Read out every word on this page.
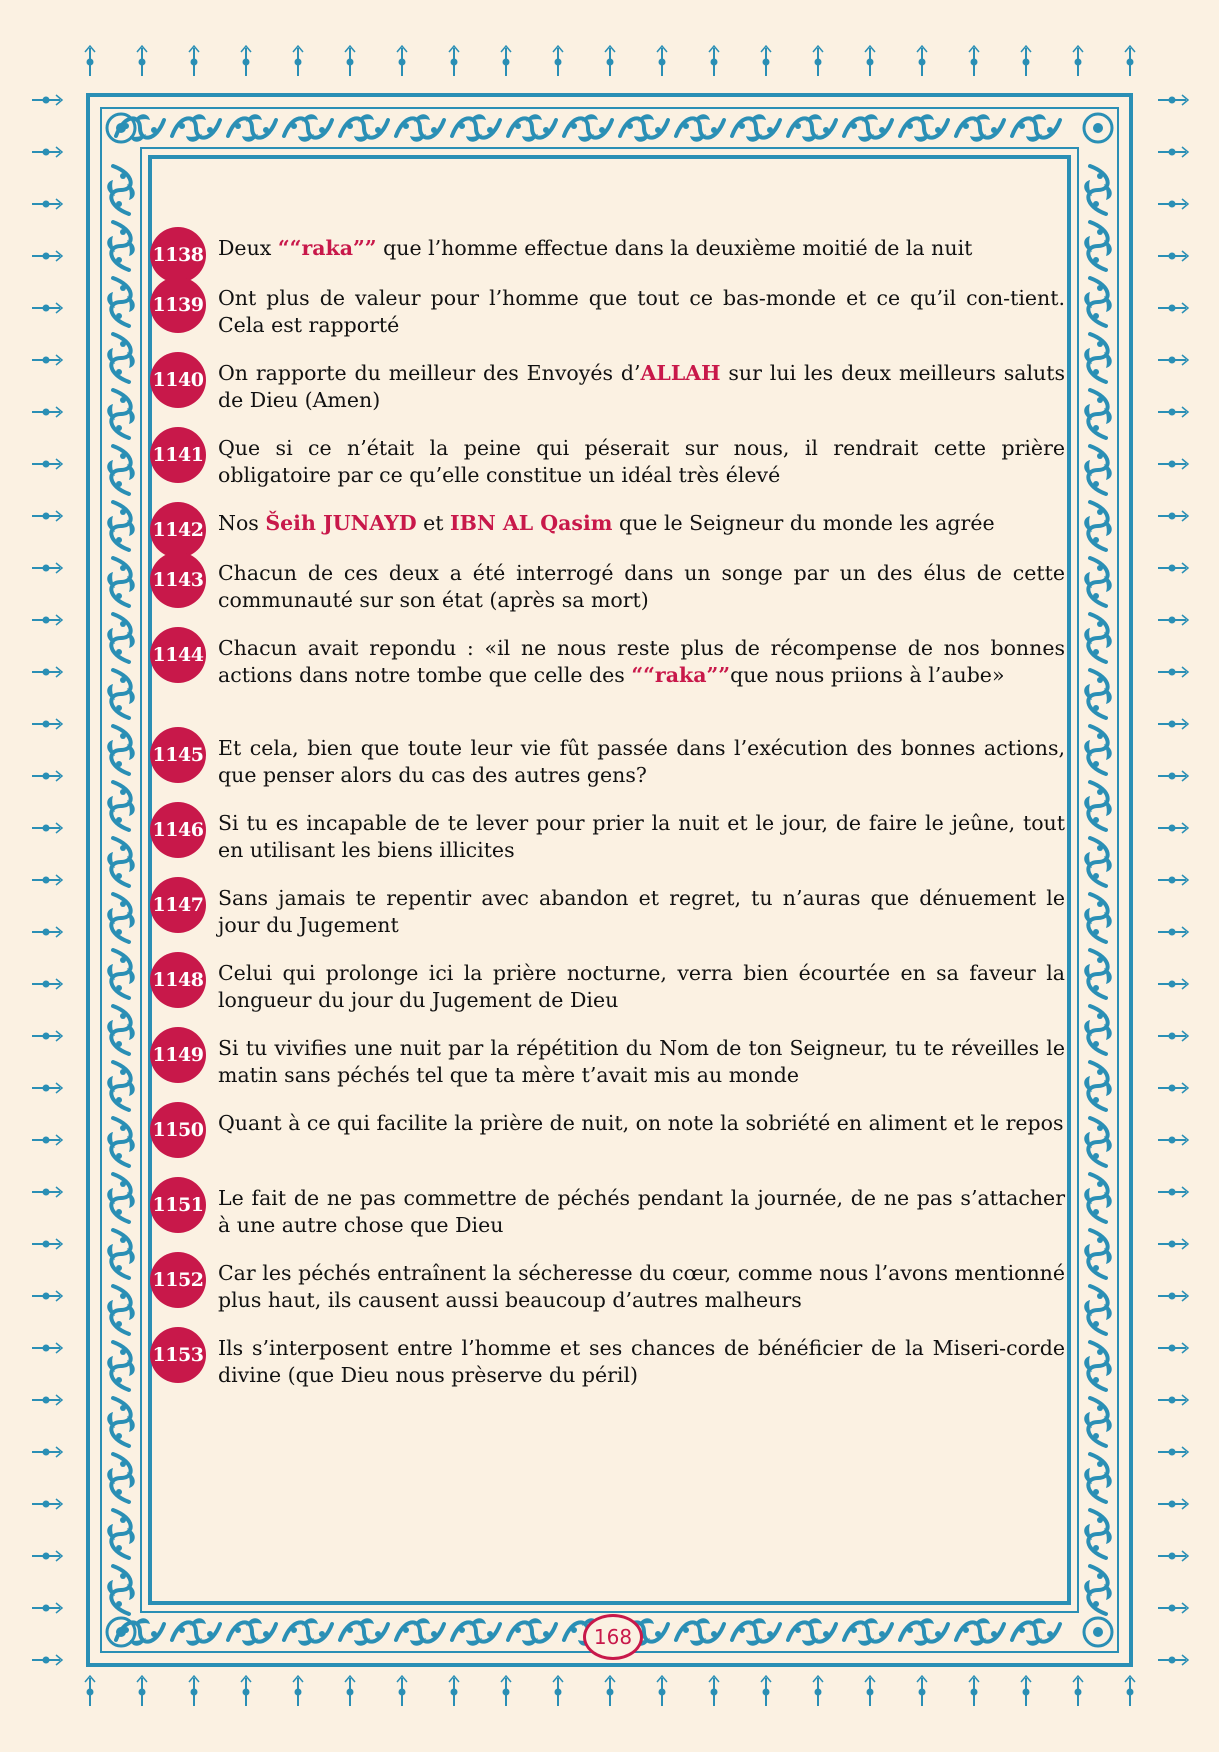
1138 Deux ““raka”” que l’homme effectue dans la deuxième moitié de la nuit
1139 Ont plus de valeur pour l’homme que tout ce bas-monde et ce qu’il con-tient. Cela est rapporté
1140 On rapporte du meilleur des Envoyés d’ALLAH sur lui les deux meilleurs saluts de Dieu (Amen)
1141 Que si ce n’était la peine qui péserait sur nous, il rendrait cette prière obligatoire par ce qu’elle constitue un idéal très élevé
1142 Nos Šeih JUNAYD et IBN AL Qasim que le Seigneur du monde les agrée
1143 Chacun de ces deux a été interrogé dans un songe par un des élus de cette communauté sur son état (après sa mort)
1144 Chacun avait repondu : «il ne nous reste plus de récompense de nos bonnes actions dans notre tombe que celle des ““raka””que nous priions à l’aube»
1145 Et cela, bien que toute leur vie fût passée dans l’exécution des bonnes actions, que penser alors du cas des autres gens?
1146 Si tu es incapable de te lever pour prier la nuit et le jour, de faire le jeûne, tout en utilisant les biens illicites
1147 Sans jamais te repentir avec abandon et regret, tu n’auras que dénuement le jour du Jugement
1148 Celui qui prolonge ici la prière nocturne, verra bien écourtée en sa faveur la longueur du jour du Jugement de Dieu
1149 Si tu vivifies une nuit par la répétition du Nom de ton Seigneur, tu te réveilles le matin sans péchés tel que ta mère t’avait mis au monde
1150 Quant à ce qui facilite la prière de nuit, on note la sobriété en aliment et le repos
1151 Le fait de ne pas commettre de péchés pendant la journée, de ne pas s’attacher à une autre chose que Dieu
1152 Car les péchés entraînent la sécheresse du cœur, comme nous l’avons mentionné plus haut, ils causent aussi beaucoup d’autres malheurs
1153 Ils s’interposent entre l’homme et ses chances de bénéficier de la Miseri-corde divine (que Dieu nous prèserve du péril)
168
